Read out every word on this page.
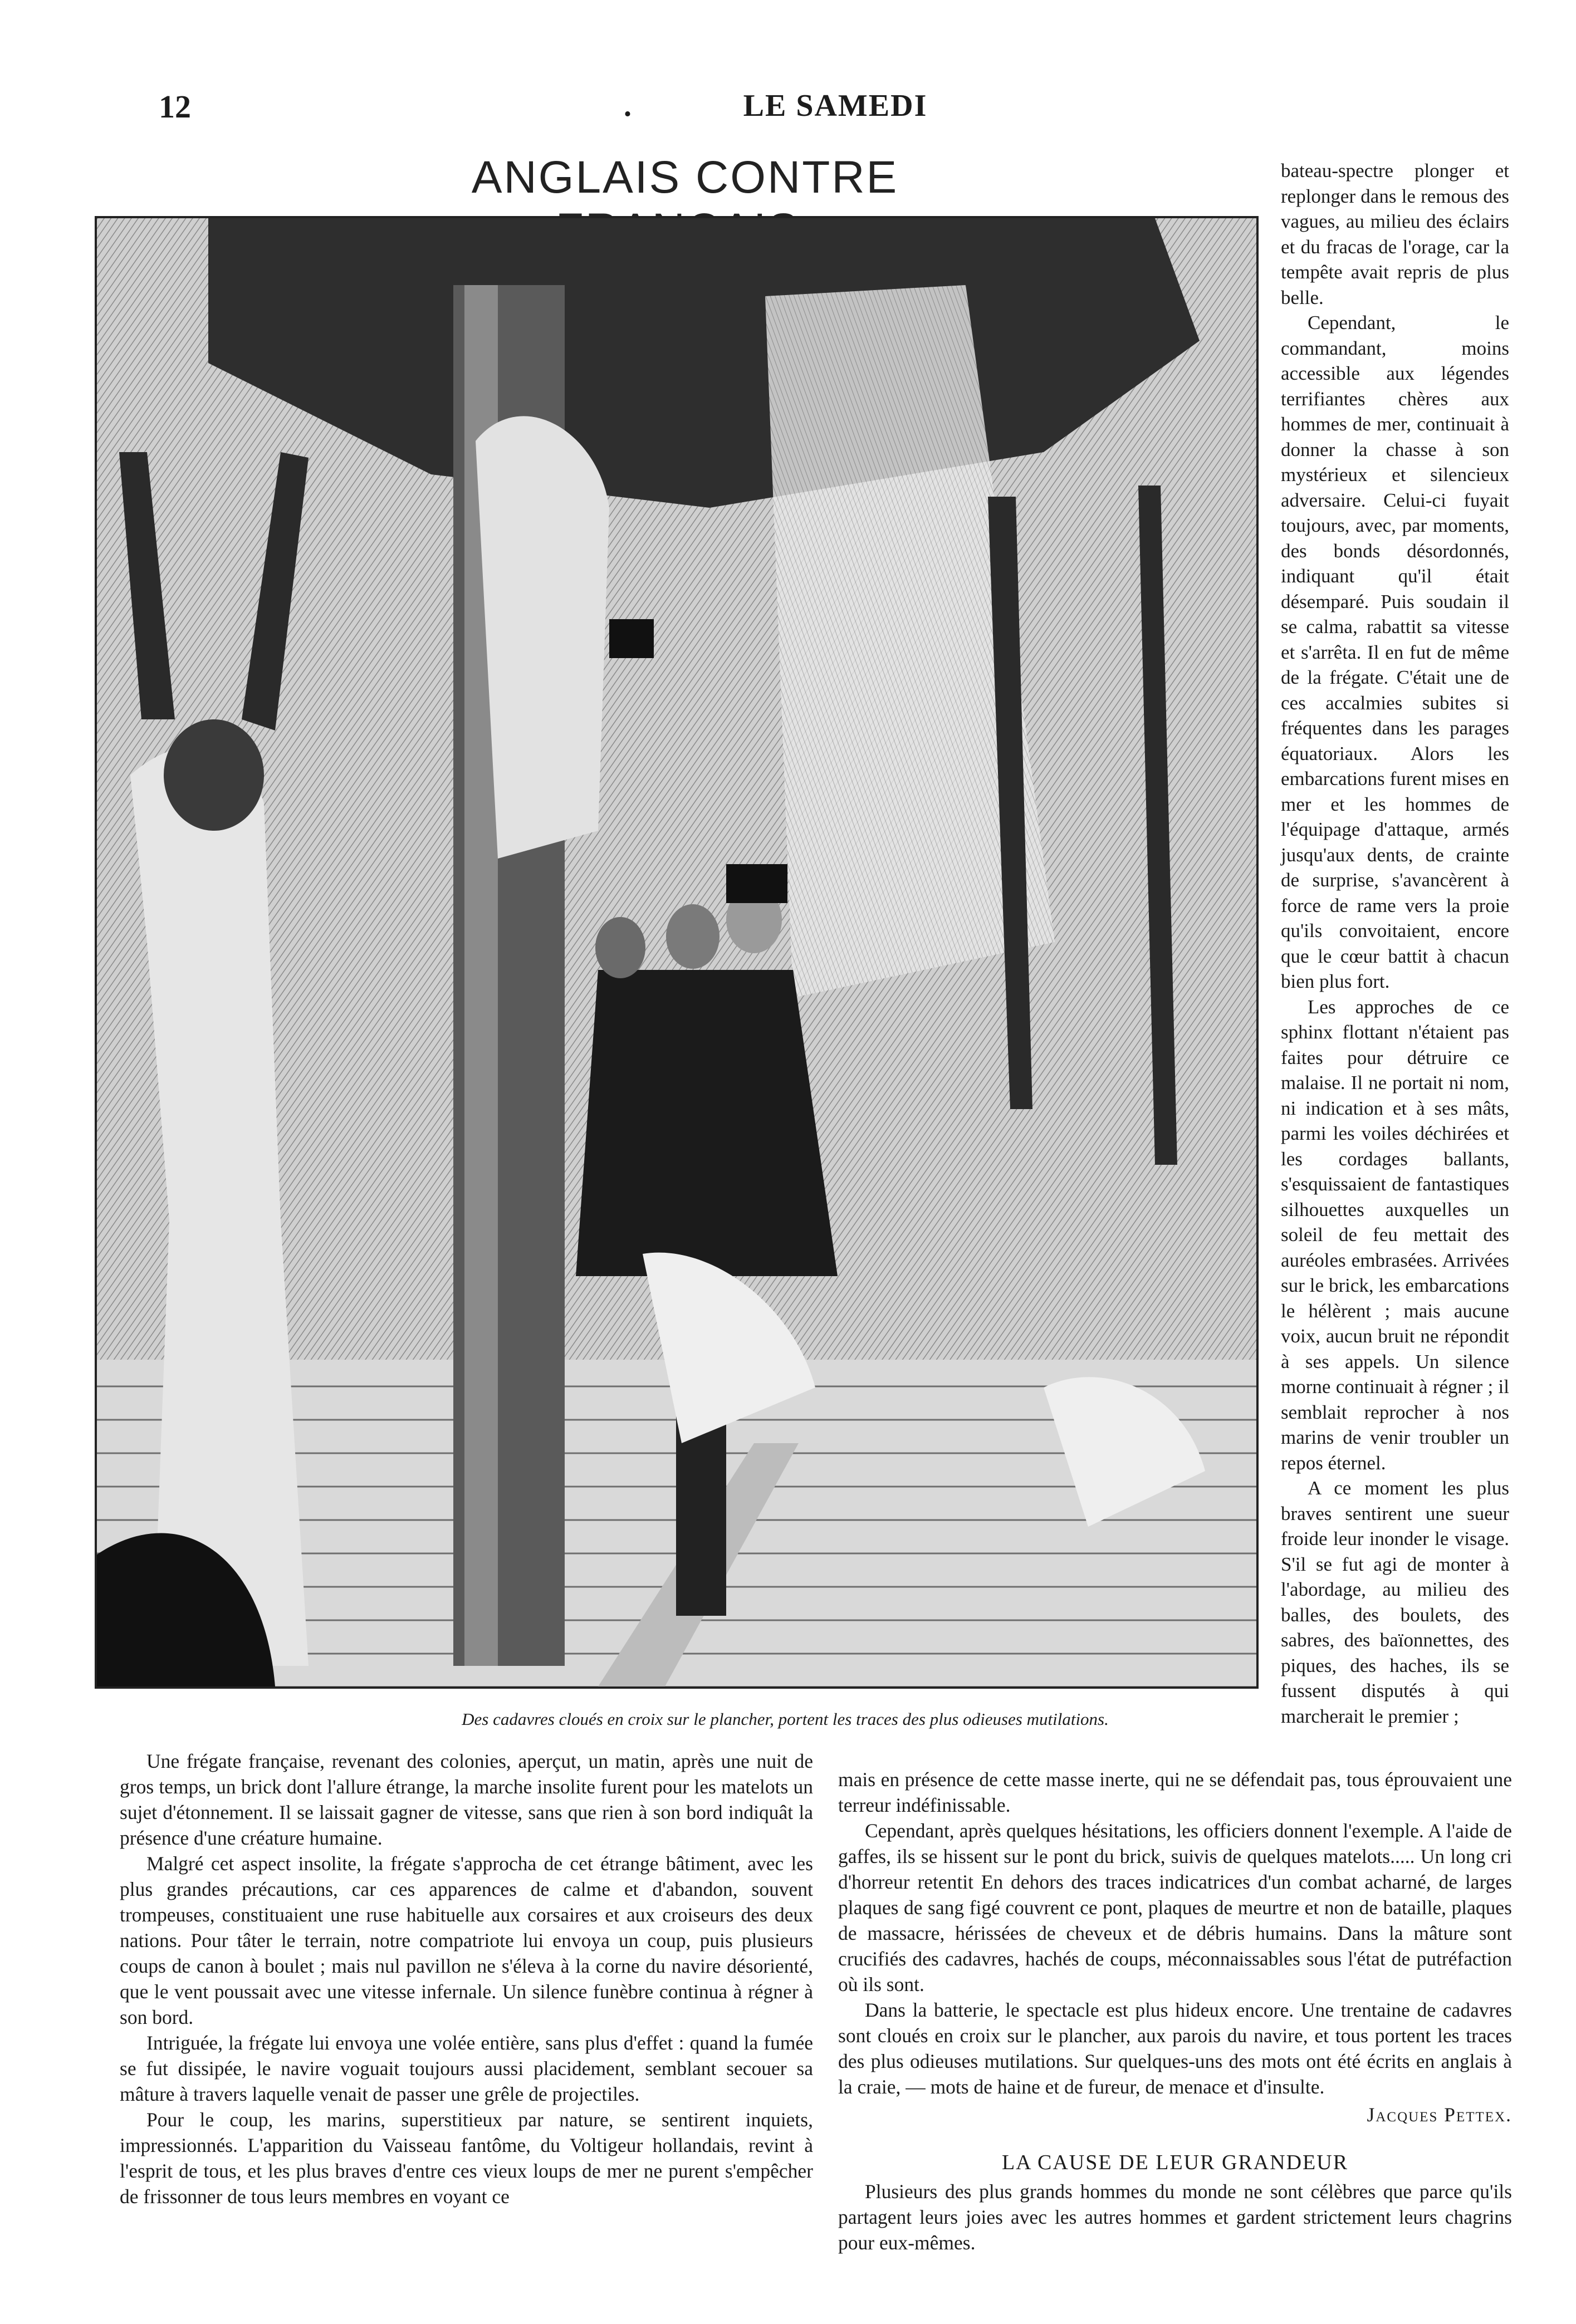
12	.	LE SAMEDI
ANGLAIS CONTRE
Des cadavres cloués en croix sur le plancher, portent les traces des plus odieuses mutilations.

bateau-spectre plonger et replonger dans le remous des vagues, au milieu des éclairs et du fracas de l'orage, car la tempête avait repris de plus belle.

Cependant, le commandant, moins accessible aux légendes terrifiantes chères aux hommes de mer, continuait à donner la chasse à son mystérieux et silencieux adversaire. Celui-ci fuyait toujours, avec, par moments, des bonds désordonnés, indiquant qu'il était désemparé. Puis soudain il se calma, rabattit sa vitesse et s'arrêta. Il en fut de même de la frégate. C'était une de ces accalmies subites si fréquentes dans les parages équatoriaux. Alors les embarcations furent mises en mer et les hommes de l'équipage d'attaque, armés jusqu'aux dents, de crainte de surprise, s'avancèrent à force de rame vers la proie qu'ils convoitaient, encore que le cœur battit à chacun bien plus fort.

Les approches de ce sphinx flottant n'étaient pas faites pour détruire ce malaise. Il ne portait ni nom, ni indication et à ses mâts, parmi les voiles déchirées et les cordages ballants, s'esquissaient de fantastiques silhouettes auxquelles un soleil de feu mettait des auréoles embrasées. Arrivées sur le brick, les embarcations le hélèrent ; mais aucune voix, aucun bruit ne répondit à ses appels. Un silence morne continuait à régner ; il semblait reprocher à nos marins de venir troubler un repos éternel.

A ce moment les plus braves sentirent une sueur froide leur inonder le visage. S'il se fut agi de monter à l'abordage, au milieu des balles, des boulets, des sabres, des baïonnettes, des piques, des haches, ils se fussent disputés à qui marcherait le premier ;

Une frégate française, revenant des colonies, aperçut, un matin, après une nuit de gros temps, un brick dont l'allure étrange, la marche insolite furent pour les matelots un sujet d'étonnement. Il se laissait gagner de vitesse, sans que rien à son bord indiquât la présence d'une créature humaine.

Malgré cet aspect insolite, la frégate s'approcha de cet étrange bâtiment, avec les plus grandes précautions, car ces apparences de calme et d'abandon, souvent trompeuses, constituaient une ruse habituelle aux corsaires et aux croiseurs des deux nations. Pour tâter le terrain, notre compatriote lui envoya un coup, puis plusieurs coups de canon à boulet ; mais nul pavillon ne s'éleva à la corne du navire désorienté, que le vent poussait avec une vitesse infernale. Un silence funèbre continua à régner à son bord.

Intriguée, la frégate lui envoya une volée entière, sans plus d'effet : quand la fumée se fut dissipée, le navire voguait toujours aussi placidement, semblant secouer sa mâture à travers laquelle venait de passer une grêle de projectiles.

Pour le coup, les marins, superstitieux par nature, se sentirent inquiets, impressionnés. L'apparition du Vaisseau fantôme, du Voltigeur hollandais, revint à l'esprit de tous, et les plus braves d'entre ces vieux loups de mer ne purent s'empêcher de frissonner de tous leurs membres en voyant ce

mais en présence de cette masse inerte, qui ne se défendait pas, tous éprouvaient une terreur indéfinissable.

Cependant, après quelques hésitations, les officiers donnent l'exemple. A l'aide de gaffes, ils se hissent sur le pont du brick, suivis de quelques matelots..... Un long cri d'horreur retentit En dehors des traces indicatrices d'un combat acharné, de larges plaques de sang figé couvrent ce pont, plaques de meurtre et non de bataille, plaques de massacre, hérissées de cheveux et de débris humains. Dans la mâture sont crucifiés des cadavres, hachés de coups, méconnaissables sous l'état de putréfaction où ils sont.

Dans la batterie, le spectacle est plus hideux encore. Une trentaine de cadavres sont cloués en croix sur le plancher, aux parois du navire, et tous portent les traces des plus odieuses mutilations. Sur quelques-uns des mots ont été écrits en anglais à la craie, — mots de haine et de fureur, de menace et d'insulte.

Jacques Pettex.
LA CAUSE DE LEUR GRANDEUR

Plusieurs des plus grands hommes du monde ne sont célèbres que parce qu'ils partagent leurs joies avec les autres hommes et gardent strictement leurs chagrins pour eux-mêmes.
